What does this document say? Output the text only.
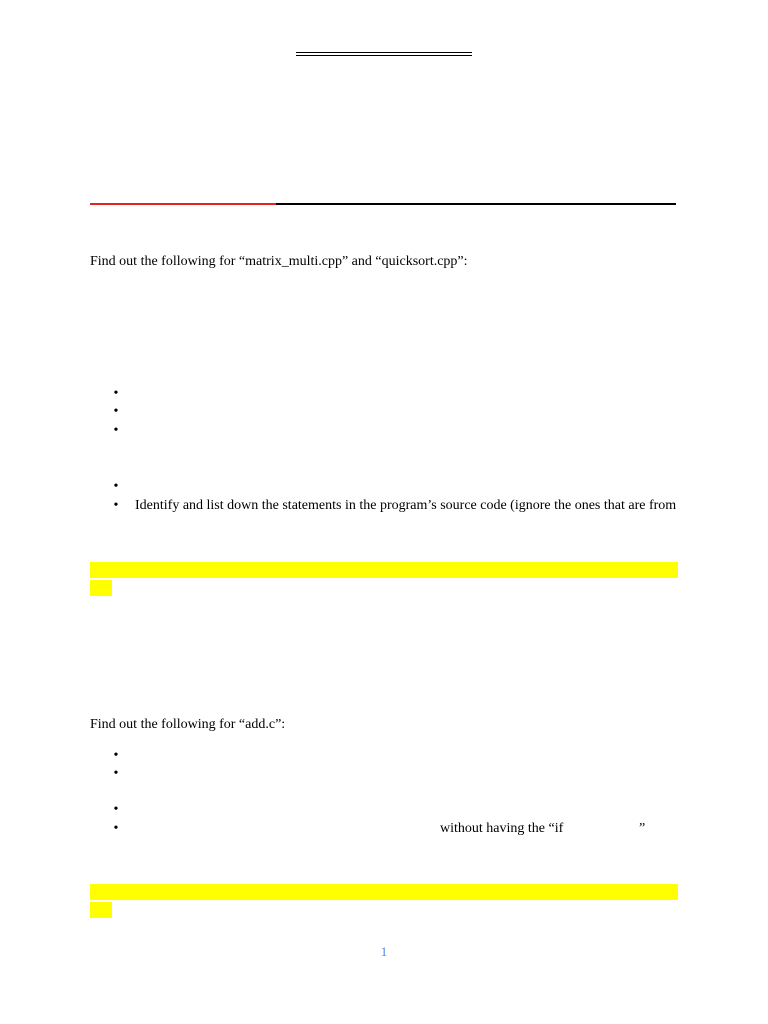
Find out the following for “matrix_multi.cpp” and “quicksort.cpp”:
•
•
•
•
• Identify and list down the statements in the program’s source code (ignore the ones that are from
Find out the following for “add.c”:
•
•
•
•	without having the “if	”
1
